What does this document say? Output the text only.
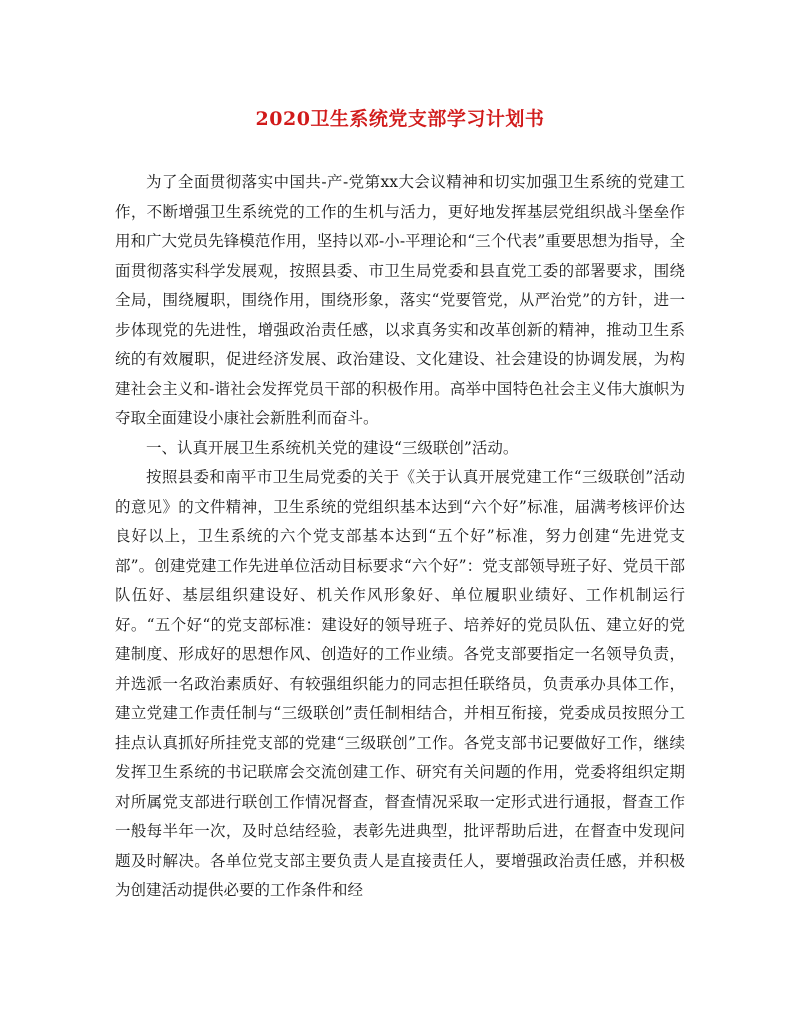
2020卫生系统党支部学习计划书

为了全面贯彻落实中国共-产-党第xx大会议精神和切实加强卫生系统的党建工作，不断增强卫生系统党的工作的生机与活力，更好地发挥基层党组织战斗堡垒作用和广大党员先锋模范作用，坚持以邓-小-平理论和“三个代表”重要思想为指导，全面贯彻落实科学发展观，按照县委、市卫生局党委和县直党工委的部署要求，围绕全局，围绕履职，围绕作用，围绕形象，落实“党要管党，从严治党”的方针，进一步体现党的先进性，增强政治责任感，以求真务实和改革创新的精神，推动卫生系统的有效履职，促进经济发展、政治建设、文化建设、社会建设的协调发展，为构建社会主义和-谐社会发挥党员干部的积极作用。高举中国特色社会主义伟大旗帜为夺取全面建设小康社会新胜利而奋斗。

一、认真开展卫生系统机关党的建设“三级联创”活动。

按照县委和南平市卫生局党委的关于《关于认真开展党建工作“三级联创”活动的意见》的文件精神，卫生系统的党组织基本达到“六个好”标准，届满考核评价达良好以上，卫生系统的六个党支部基本达到“五个好”标准，努力创建“先进党支部”。创建党建工作先进单位活动目标要求“六个好”：党支部领导班子好、党员干部队伍好、基层组织建设好、机关作风形象好、单位履职业绩好、工作机制运行好。“五个好“的党支部标准：建设好的领导班子、培养好的党员队伍、建立好的党建制度、形成好的思想作风、创造好的工作业绩。各党支部要指定一名领导负责，并选派一名政治素质好、有较强组织能力的同志担任联络员，负责承办具体工作，建立党建工作责任制与“三级联创”责任制相结合，并相互衔接，党委成员按照分工挂点认真抓好所挂党支部的党建“三级联创”工作。各党支部书记要做好工作，继续发挥卫生系统的书记联席会交流创建工作、研究有关问题的作用，党委将组织定期对所属党支部进行联创工作情况督查，督查情况采取一定形式进行通报，督查工作一般每半年一次，及时总结经验，表彰先进典型，批评帮助后进，在督查中发现问题及时解决。各单位党支部主要负责人是直接责任人，要增强政治责任感，并积极为创建活动提供必要的工作条件和经
